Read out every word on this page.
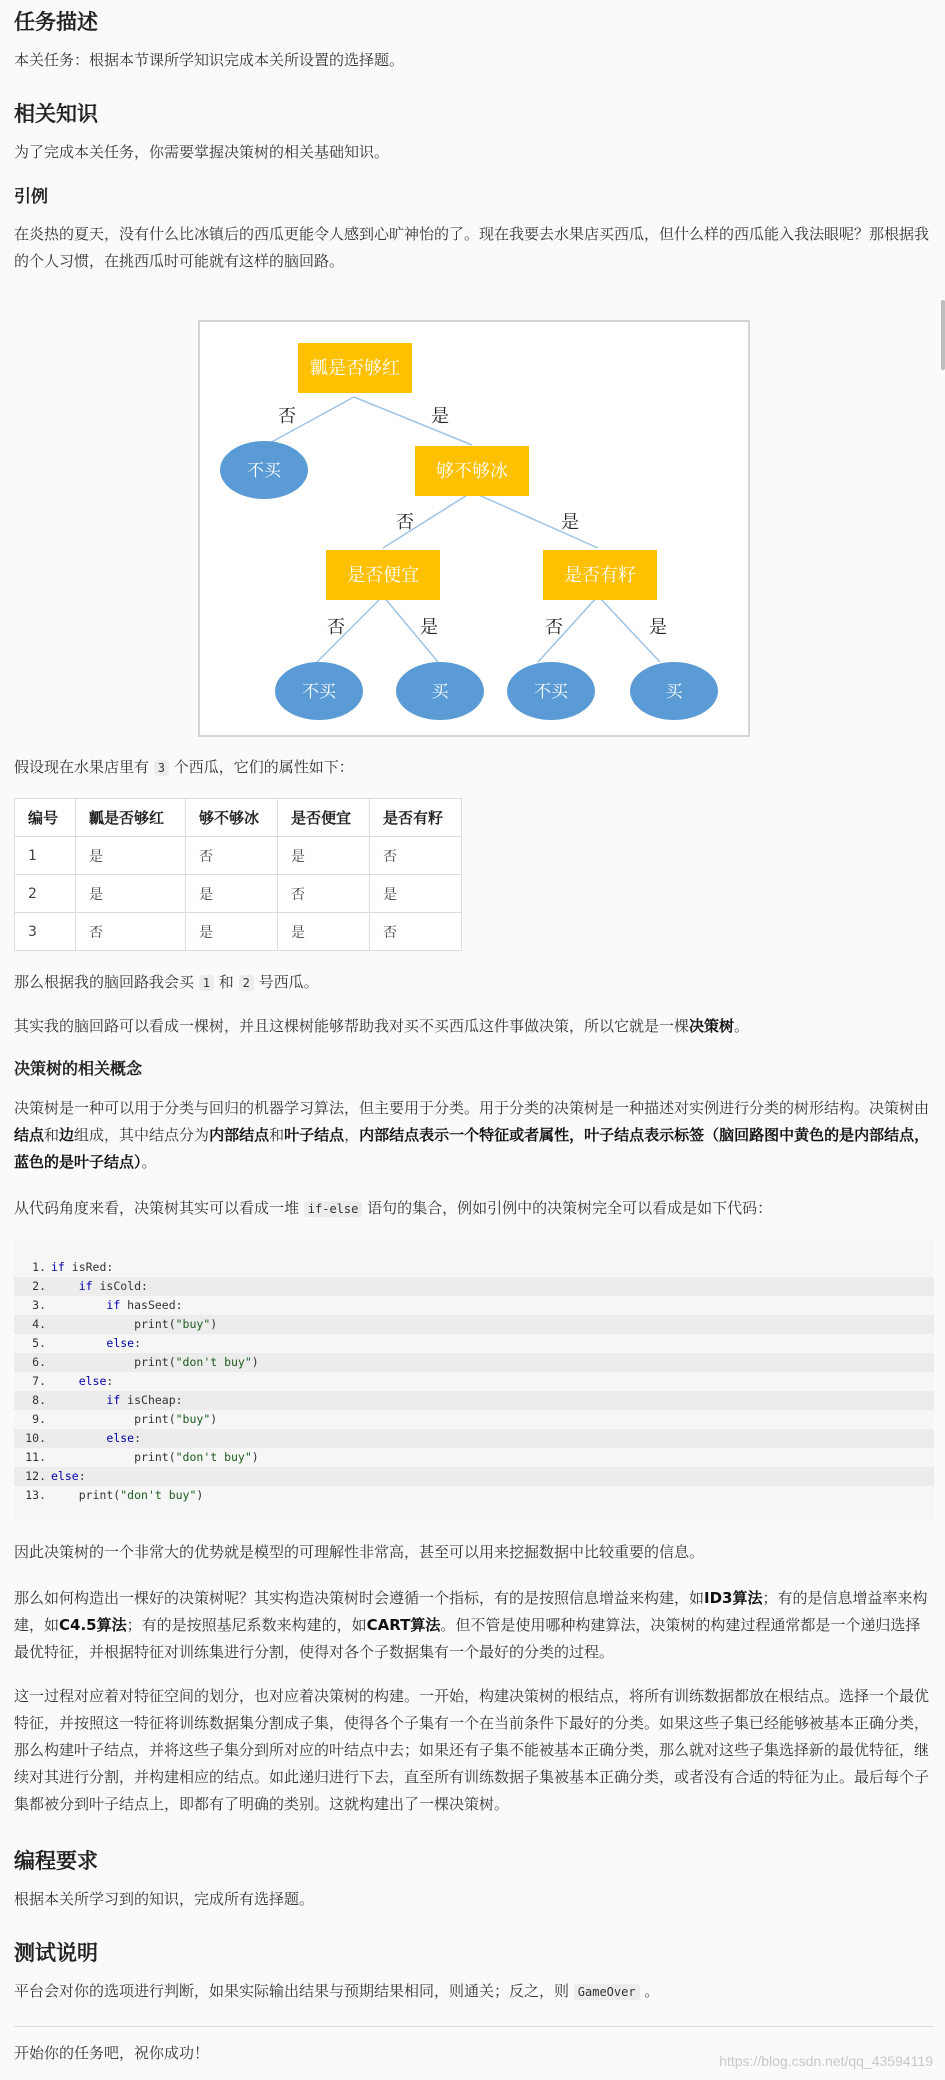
任务描述

本关任务：根据本节课所学知识完成本关所设置的选择题。

相关知识

为了完成本关任务，你需要掌握决策树的相关基础知识。

引例

在炎热的夏天，没有什么比冰镇后的西瓜更能令人感到心旷神怡的了。现在我要去水果店买西瓜，但什么样的西瓜能入我法眼呢？那根据我的个人习惯，在挑西瓜时可能就有这样的脑回路。

瓤是否够红
够不够冰
是否便宜	是否有籽
不买
不买	买	不买	买
否	是
否	是
否	是	否	是

假设现在水果店里有 3 个西瓜，它们的属性如下：

编号	瓤是否够红	够不够冰	是否便宜	是否有籽
1	是	否	是	否
2	是	是	否	是
3	否	是	是	否

那么根据我的脑回路我会买 1 和 2 号西瓜。

其实我的脑回路可以看成一棵树，并且这棵树能够帮助我对买不买西瓜这件事做决策，所以它就是一棵决策树。

决策树的相关概念

决策树是一种可以用于分类与回归的机器学习算法，但主要用于分类。用于分类的决策树是一种描述对实例进行分类的树形结构。决策树由结点和边组成，其中结点分为内部结点和叶子结点，内部结点表示一个特征或者属性，叶子结点表示标签（脑回路图中黄色的是内部结点，蓝色的是叶子结点）。

从代码角度来看，决策树其实可以看成一堆 if-else 语句的集合，例如引例中的决策树完全可以看成是如下代码：

1. if isRed:
2.	if isCold:
3.	if hasSeed:
4. print("buy")
5.	else:
6. print("don't buy")
7.	else:
8.	if isCheap:
9. print("buy")
10.	else:
11. print("don't buy")
12. else:
13. print("don't buy")

因此决策树的一个非常大的优势就是模型的可理解性非常高，甚至可以用来挖掘数据中比较重要的信息。

那么如何构造出一棵好的决策树呢？其实构造决策树时会遵循一个指标，有的是按照信息增益来构建，如ID3算法；有的是信息增益率来构建，如C4.5算法；有的是按照基尼系数来构建的，如CART算法。但不管是使用哪种构建算法，决策树的构建过程通常都是一个递归选择最优特征，并根据特征对训练集进行分割，使得对各个子数据集有一个最好的分类的过程。

这一过程对应着对特征空间的划分，也对应着决策树的构建。一开始，构建决策树的根结点，将所有训练数据都放在根结点。选择一个最优特征，并按照这一特征将训练数据集分割成子集，使得各个子集有一个在当前条件下最好的分类。如果这些子集已经能够被基本正确分类，那么构建叶子结点，并将这些子集分到所对应的叶结点中去；如果还有子集不能被基本正确分类，那么就对这些子集选择新的最优特征，继续对其进行分割，并构建相应的结点。如此递归进行下去，直至所有训练数据子集被基本正确分类，或者没有合适的特征为止。最后每个子集都被分到叶子结点上，即都有了明确的类别。这就构建出了一棵决策树。

编程要求

根据本关所学习到的知识，完成所有选择题。

测试说明

平台会对你的选项进行判断，如果实际输出结果与预期结果相同，则通关；反之，则 GameOver 。

开始你的任务吧，祝你成功！	https://blog.csdn.net/qq_43594119
